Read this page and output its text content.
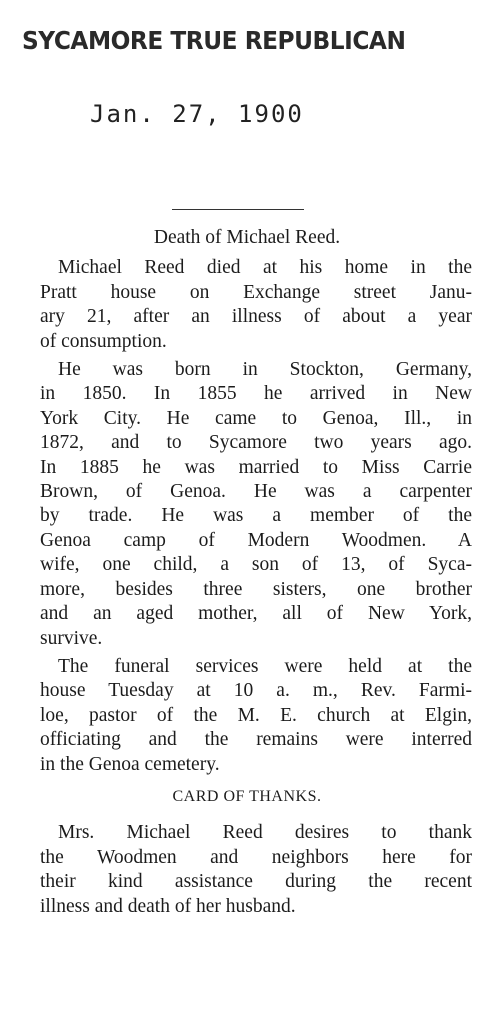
SYCAMORE TRUE REPUBLICAN
Jan. 27, 1900
Death of Michael Reed.
Michael Reed died at his home in the
Pratt house on Exchange street Janu-
ary 21, after an illness of about a year
of consumption.
He was born in Stockton, Germany,
in 1850. In 1855 he arrived in New
York City. He came to Genoa, Ill., in
1872, and to Sycamore two years ago.
In 1885 he was married to Miss Carrie
Brown, of Genoa. He was a carpenter
by trade. He was a member of the
Genoa camp of Modern Woodmen. A
wife, one child, a son of 13, of Syca-
more, besides three sisters, one brother
and an aged mother, all of New York,
survive.
The funeral services were held at the
house Tuesday at 10 a. m., Rev. Farmi-
loe, pastor of the M. E. church at Elgin,
officiating and the remains were interred
in the Genoa cemetery.
CARD OF THANKS.
Mrs. Michael Reed desires to thank
the Woodmen and neighbors here for
their kind assistance during the recent
illness and death of her husband.
